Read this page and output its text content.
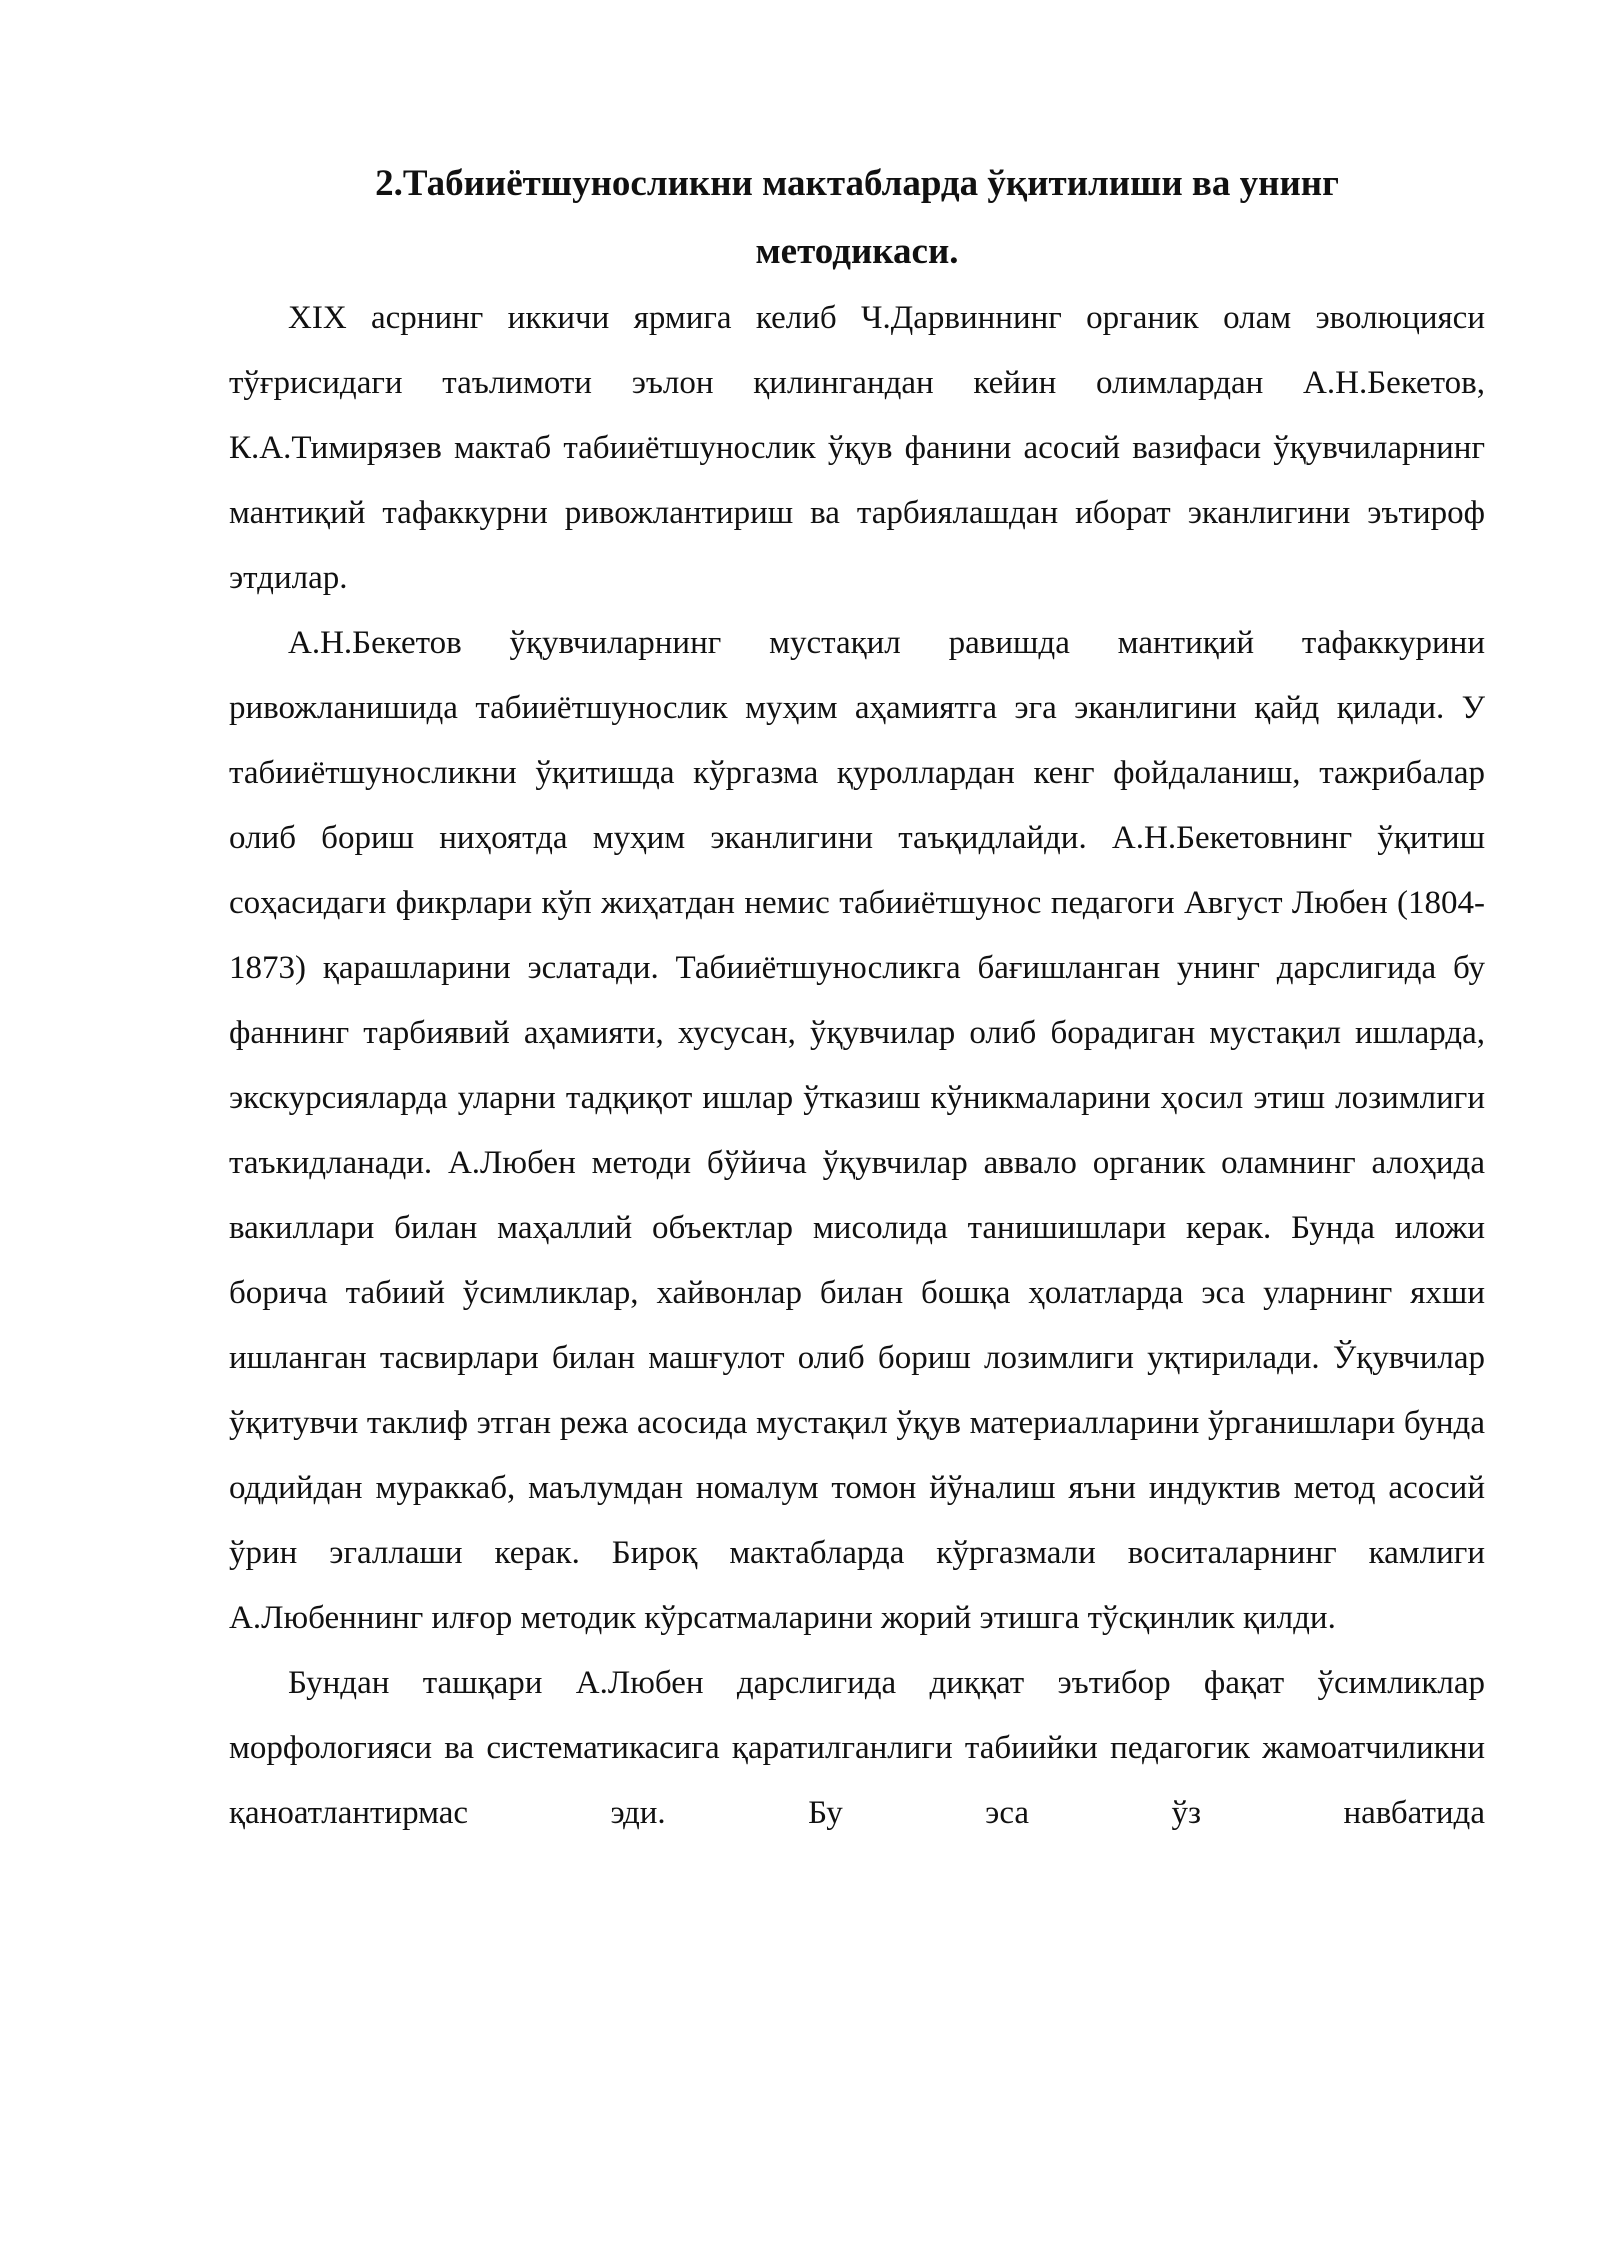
2.Табииётшуносликни мактабларда ўқитилиши ва унинг методикаси.

XIX асрнинг иккичи ярмига келиб Ч.Дарвиннинг органик олам эволюцияси тўғрисидаги таълимоти эълон қилингандан кейин олимлардан А.Н.Бекетов, К.А.Тимирязев мактаб табииётшунослик ўқув фанини асосий вазифаси ўқувчиларнинг мантиқий тафаккурни ривожлантириш ва тарбиялашдан иборат эканлигини эътироф этдилар.

А.Н.Бекетов ўқувчиларнинг мустақил равишда мантиқий тафаккурини ривожланишида табииётшунослик муҳим аҳамиятга эга эканлигини қайд қилади. У табииётшуносликни ўқитишда кўргазма қуроллардан кенг фойдаланиш, тажрибалар олиб бориш ниҳоятда муҳим эканлигини таъқидлайди. А.Н.Бекетовнинг ўқитиш соҳасидаги фикрлари кўп жиҳатдан немис табииётшунос педагоги Август Любен (1804-1873) қарашларини эслатади. Табииётшуносликга бағишланган унинг дарслигида бу фаннинг тарбиявий аҳамияти, хусусан, ўқувчилар олиб борадиган мустақил ишларда, экскурсияларда уларни тадқиқот ишлар ўтказиш кўникмаларини ҳосил этиш лозимлиги таъкидланади. А.Любен методи бўйича ўқувчилар аввало органик оламнинг алоҳида вакиллари билан маҳаллий объектлар мисолида танишишлари керак. Бунда иложи борича табиий ўсимликлар, хайвонлар билан бошқа ҳолатларда эса уларнинг яхши ишланган тасвирлари билан машғулот олиб бориш лозимлиги уқтирилади. Ўқувчилар ўқитувчи таклиф этган режа асосида мустақил ўқув материалларини ўрганишлари бунда оддийдан мураккаб, маълумдан номалум томон йўналиш яъни индуктив метод асосий ўрин эгаллаши керак. Бироқ мактабларда кўргазмали воситаларнинг камлиги А.Любеннинг илғор методик кўрсатмаларини жорий этишга тўсқинлик қилди.

Бундан ташқари А.Любен дарслигида диққат эътибор фақат ўсимликлар морфологияси ва систематикасига қаратилганлиги табиийки педагогик жамоатчиликни қаноатлантирмас эди. Бу эса ўз навбатида
